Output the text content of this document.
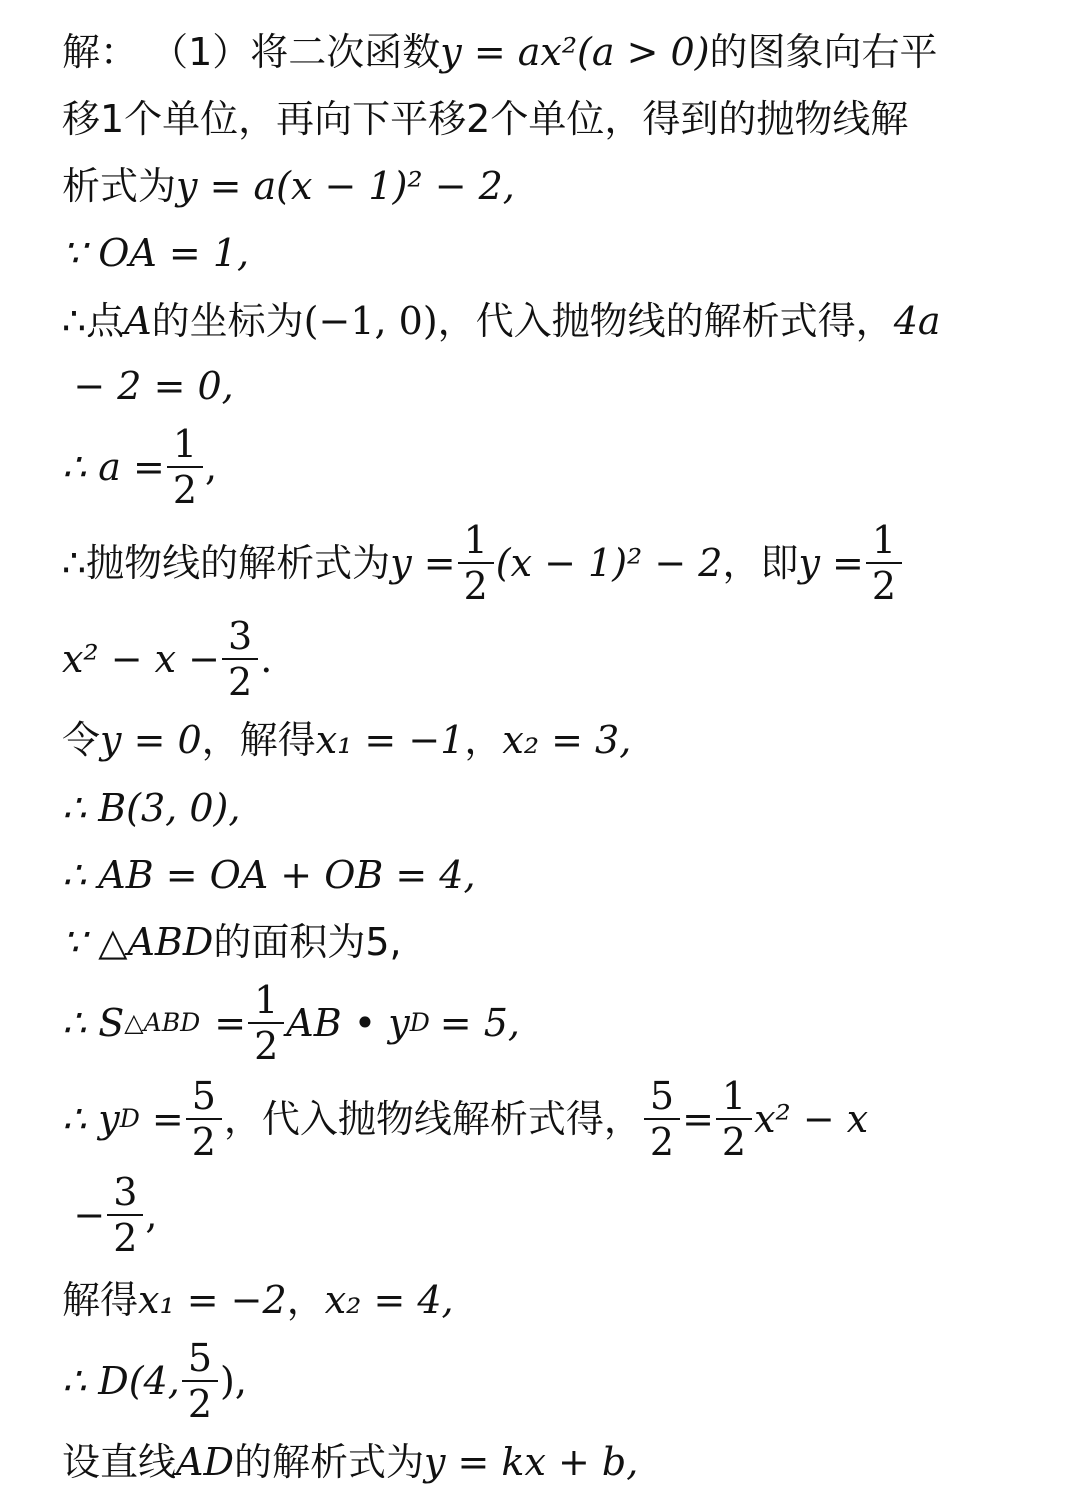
解： （1）将二次函数 y = ax²(a > 0) 的图象向右平
移1个单位，再向下平移2个单位，得到的抛物线解
析式为 y = a(x − 1)² − 2,
∵ OA = 1,
∴点 A 的坐标为 (−1, 0) ，代入抛物线的解析式得， 4a
− 2 = 0,
∴ $a = \frac{1}{2}$ ,
∴抛物线的解析式为 $y = \frac{1}{2} (x - 1)^2 - 2$ ，即 $y = \frac{1}{2}$
$x^2 - x - \frac{3}{2}$ .
令 y = 0 ，解得 x₁ = −1 ， x₂ = 3,
∴ B(3, 0),
∴ AB = OA + OB = 4,
∵ △ABD 的面积为5,
∴ S △ABD = $\frac{1}{2}$ AB • y D = 5,
∴ y $D = \frac{5}{2}$ ，代入抛物线解析式得， $\frac{5}{2} = \frac{1}{2} x^2 - x$
− $\frac{3}{2}$ ,
解得 x₁ = −2 ， x₂ = 4,
∴ D(4, $\frac{5}{2}$ ),
设直线 AD 的解析式为 y = kx + b,
